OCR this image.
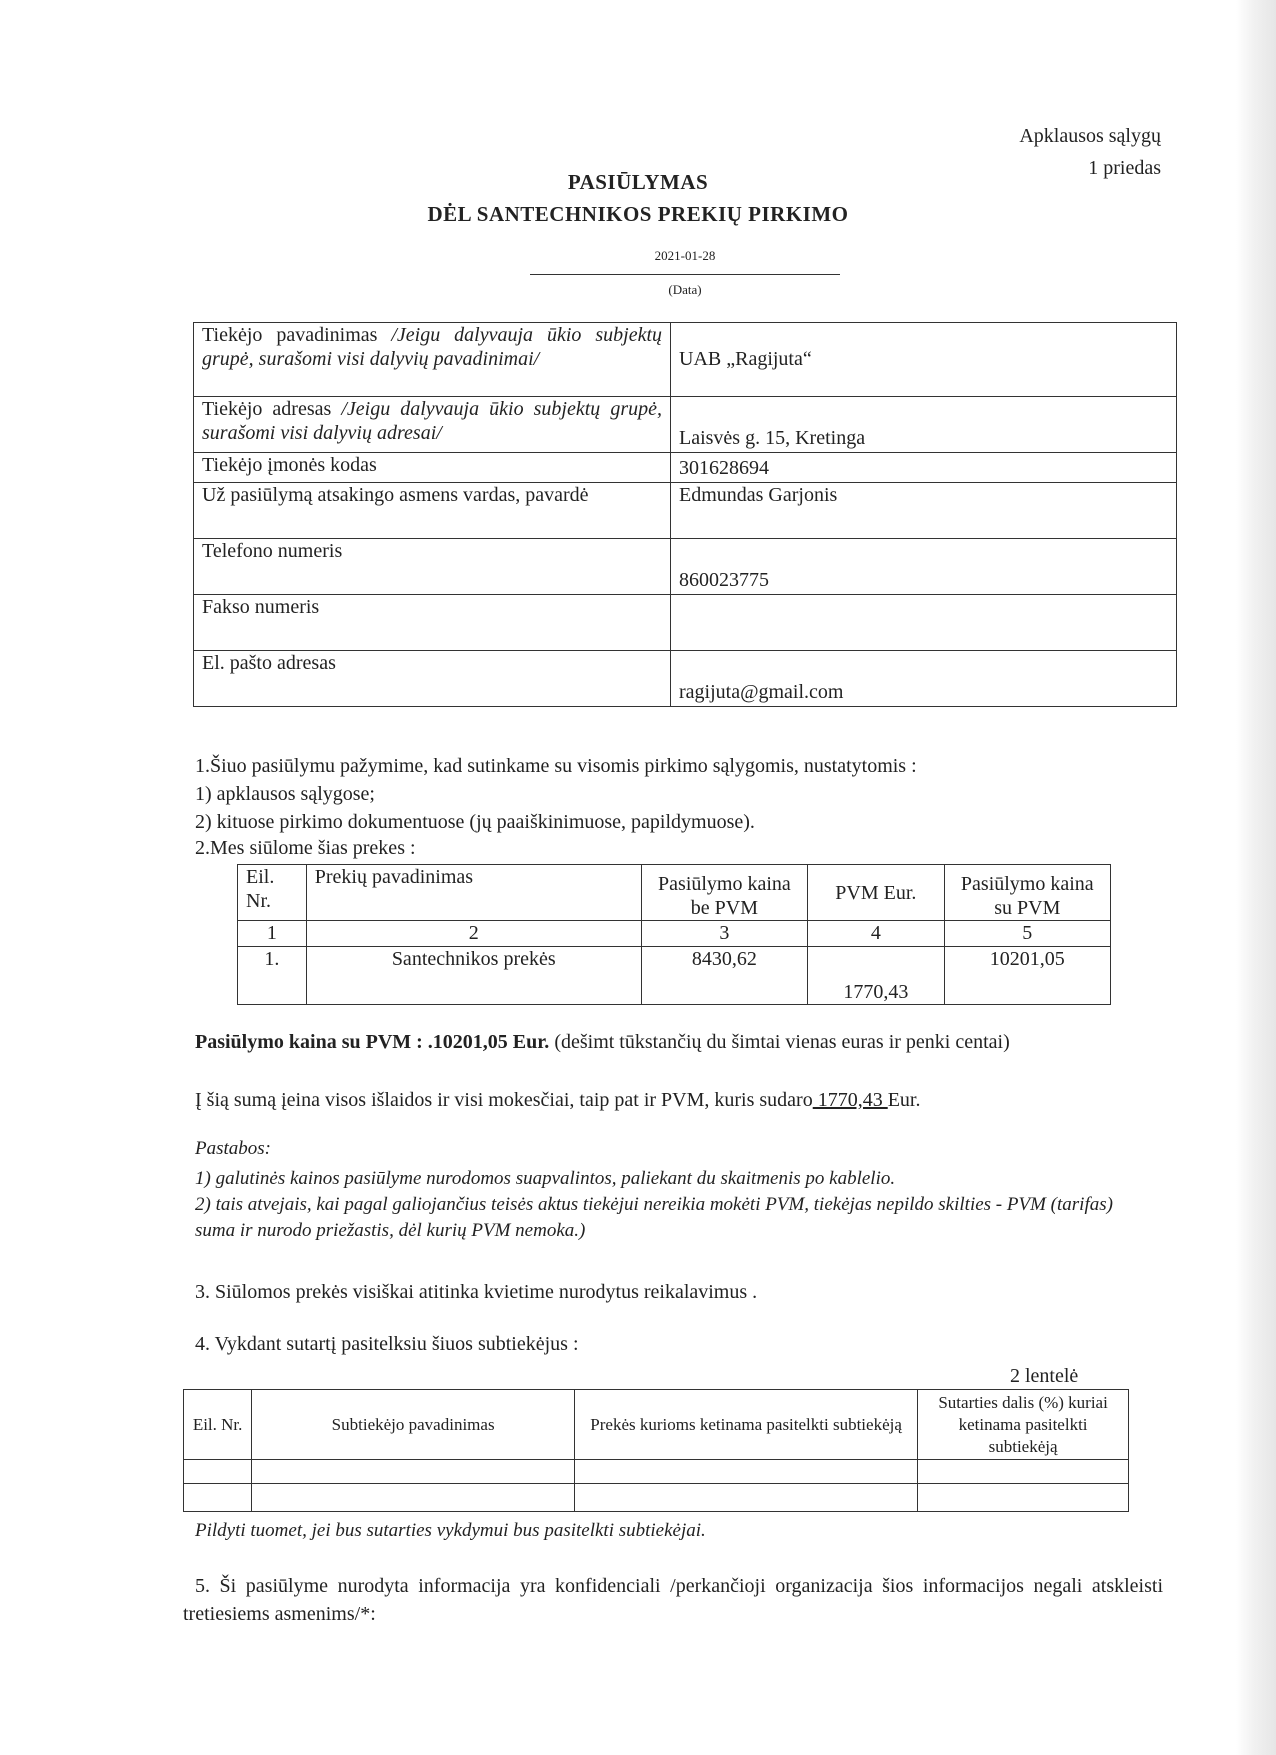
Apklausos sąlygų
1 priedas
PASIŪLYMAS
DĖL SANTECHNIKOS PREKIŲ PIRKIMO
2021-01-28
(Data)
Tiekėjo pavadinimas /Jeigu dalyvauja ūkio subjektų grupė, surašomi visi dalyvių pavadinimai/	UAB „Ragijuta“
Tiekėjo adresas /Jeigu dalyvauja ūkio subjektų grupė, surašomi visi dalyvių adresai/	Laisvės g. 15, Kretinga
Tiekėjo įmonės kodas	301628694
Už pasiūlymą atsakingo asmens vardas, pavardė	Edmundas Garjonis
Telefono numeris	860023775
Fakso numeris	
El. pašto adresas	ragijuta@gmail.com
1.Šiuo pasiūlymu pažymime, kad sutinkame su visomis pirkimo sąlygomis, nustatytomis :
1) apklausos sąlygose;
2) kituose pirkimo dokumentuose (jų paaiškinimuose, papildymuose).
2.Mes siūlome šias prekes :
Eil. Nr.	Prekių pavadinimas	Pasiūlymo kaina be PVM	PVM Eur.	Pasiūlymo kaina su PVM
1	2	3	4	5
1.	Santechnikos prekės	8430,62	1770,43	10201,05
Pasiūlymo kaina su PVM : .10201,05 Eur. (dešimt tūkstančių du šimtai vienas euras ir penki centai)
Į šią sumą įeina visos išlaidos ir visi mokesčiai, taip pat ir PVM, kuris sudaro 1770,43 Eur.
Pastabos:
1) galutinės kainos pasiūlyme nurodomos suapvalintos, paliekant du skaitmenis po kablelio.
2) tais atvejais, kai pagal galiojančius teisės aktus tiekėjui nereikia mokėti PVM, tiekėjas nepildo skilties - PVM (tarifas) suma ir nurodo priežastis, dėl kurių PVM nemoka.)
3. Siūlomos prekės visiškai atitinka kvietime nurodytus reikalavimus .
4. Vykdant sutartį pasitelksiu šiuos subtiekėjus :
2 lentelė
Eil. Nr.	Subtiekėjo pavadinimas	Prekės kurioms ketinama pasitelkti subtiekėją	Sutarties dalis (%) kuriai ketinama pasitelkti subtiekėją

Pildyti tuomet, jei bus sutarties vykdymui bus pasitelkti subtiekėjai.
5. Ši pasiūlyme nurodyta informacija yra konfidenciali /perkančioji organizacija šios informacijos negali atskleisti tretiesiems asmenims/*:
